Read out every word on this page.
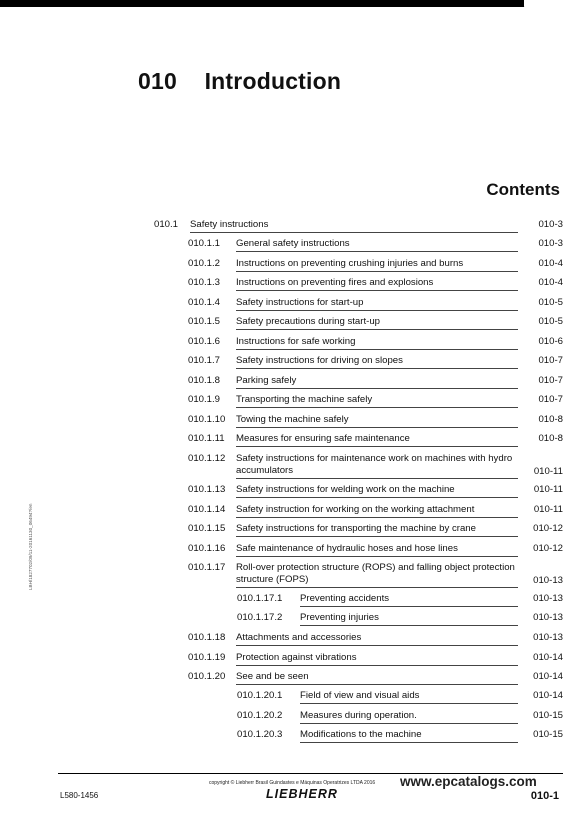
010 Introduction
Contents
LBH/1827702/09/11-20161130_06494?/en
010.1 Safety instructions	010-3
010.1.1 General safety instructions	010-3
010.1.2 Instructions on preventing crushing injuries and burns	010-4
010.1.3 Instructions on preventing fires and explosions	010-4
010.1.4 Safety instructions for start-up	010-5
010.1.5 Safety precautions during start-up	010-5
010.1.6 Instructions for safe working	010-6
010.1.7 Safety instructions for driving on slopes	010-7
010.1.8 Parking safely	010-7
010.1.9 Transporting the machine safely	010-7
010.1.10 Towing the machine safely	010-8
010.1.11 Measures for ensuring safe maintenance	010-8
010.1.12 Safety instructions for maintenance work on machines with hydro accumulators	010-11
010.1.13 Safety instructions for welding work on the machine	010-11
010.1.14 Safety instruction for working on the working attachment	010-11
010.1.15 Safety instructions for transporting the machine by crane	010-12
010.1.16 Safe maintenance of hydraulic hoses and hose lines	010-12
010.1.17 Roll-over protection structure (ROPS) and falling object protection structure (FOPS)	010-13
010.1.17.1 Preventing accidents	010-13
010.1.17.2 Preventing injuries	010-13
010.1.18 Attachments and accessories	010-13
010.1.19 Protection against vibrations	010-14
010.1.20 See and be seen	010-14
010.1.20.1 Field of view and visual aids	010-14
010.1.20.2 Measures during operation.	010-15
010.1.20.3 Modifications to the machine	010-15
copyright © Liebherr Brasil Guindastes e Máquinas Operatrizes LTDA 2016
L580-1456	LIEBHERR
www.epcatalogs.com
010-1
